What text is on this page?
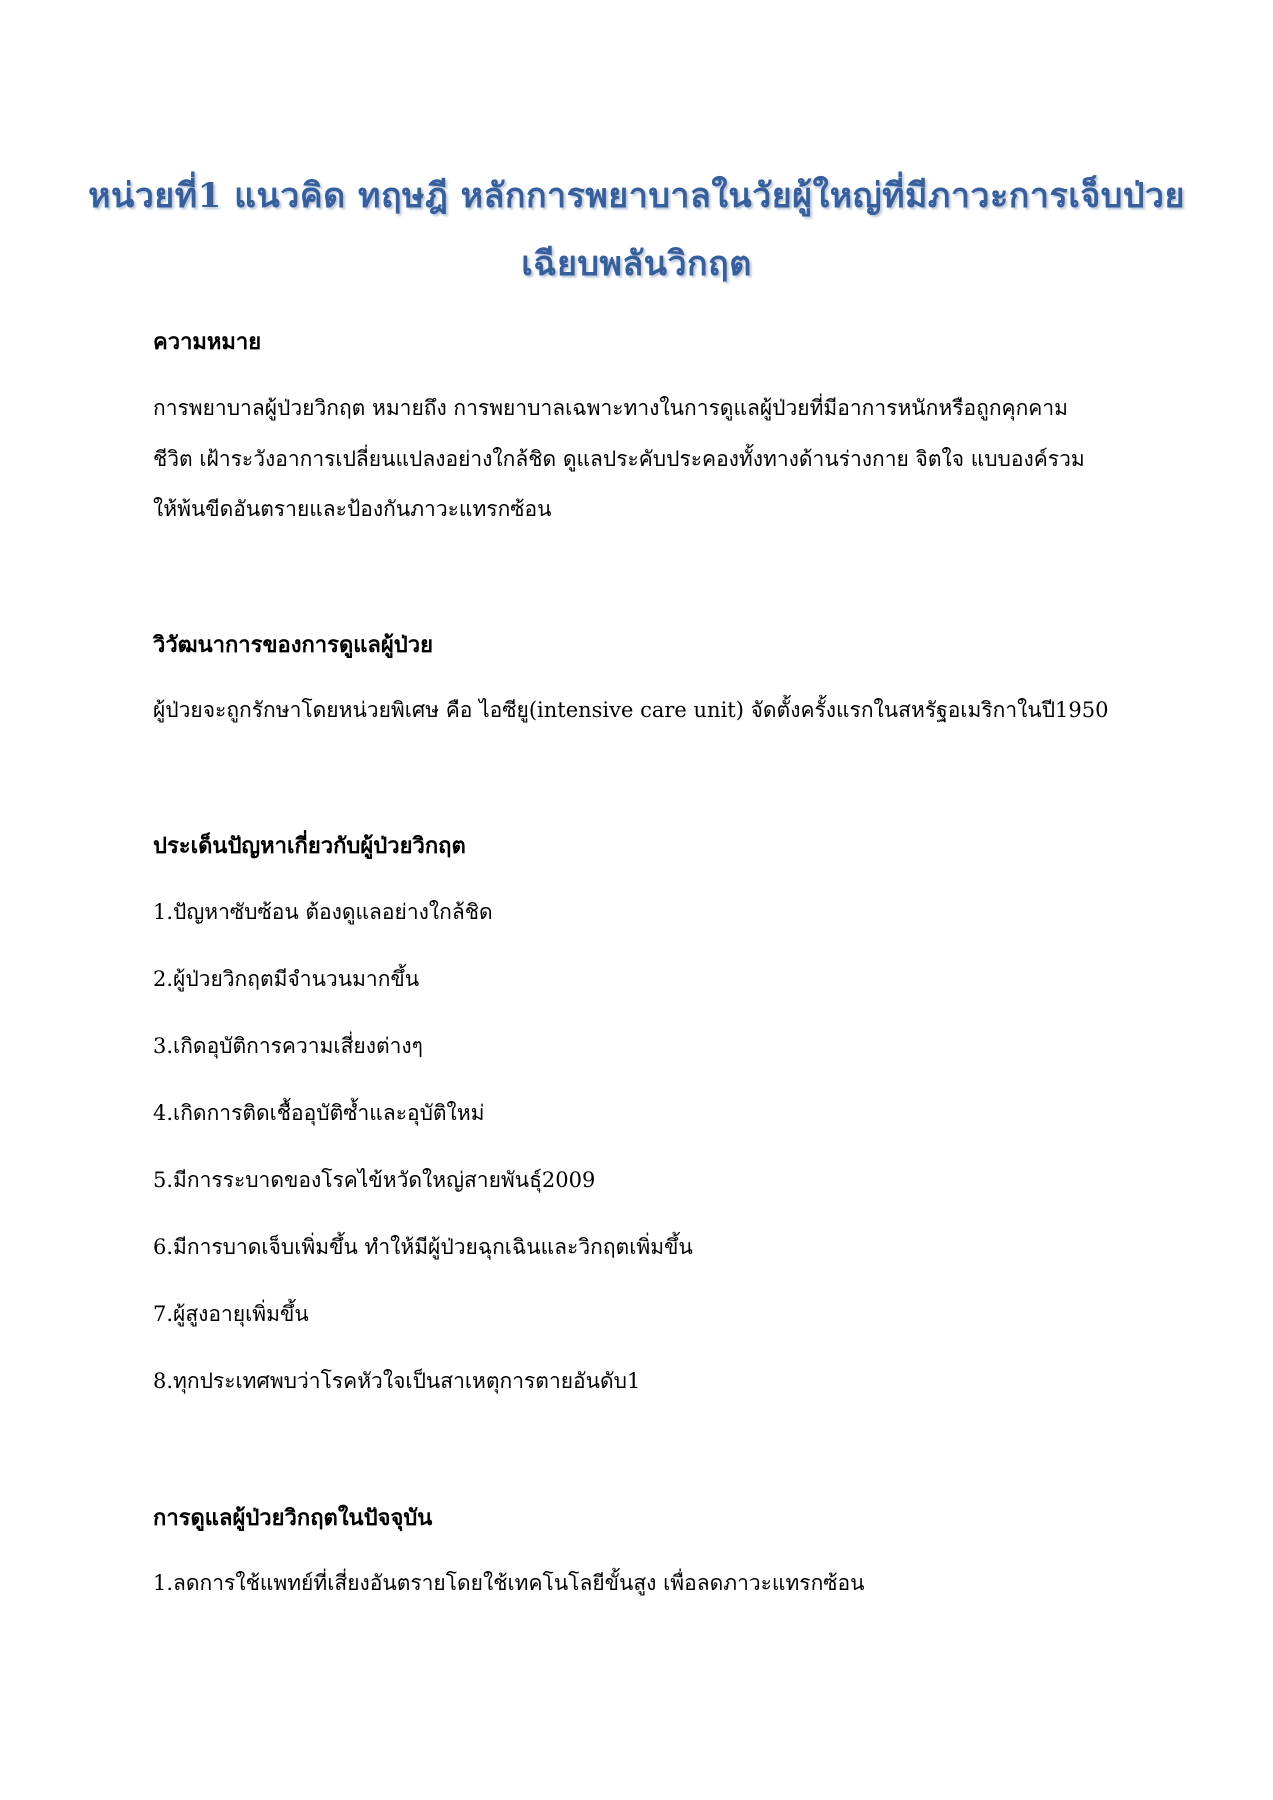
หน่วยที่1 แนวคิด ทฤษฎี หลักการพยาบาลในวัยผู้ใหญ่ที่มีภาวะการเจ็บป่วย
เฉียบพลันวิกฤต
ความหมาย
การพยาบาลผู้ป่วยวิกฤต หมายถึง การพยาบาลเฉพาะทางในการดูแลผู้ป่วยที่มีอาการหนักหรือถูกคุกคาม
ชีวิต เฝ้าระวังอาการเปลี่ยนแปลงอย่างใกล้ชิด ดูแลประคับประคองทั้งทางด้านร่างกาย จิตใจ แบบองค์รวม
ให้พ้นขีดอันตรายและป้องกันภาวะแทรกซ้อน
วิวัฒนาการของการดูแลผู้ป่วย
ผู้ป่วยจะถูกรักษาโดยหน่วยพิเศษ คือ ไอซียู(intensive care unit) จัดตั้งครั้งแรกในสหรัฐอเมริกาในปี1950
ประเด็นปัญหาเกี่ยวกับผู้ป่วยวิกฤต
1.ปัญหาซับซ้อน ต้องดูแลอย่างใกล้ชิด
2.ผู้ป่วยวิกฤตมีจำนวนมากขึ้น
3.เกิดอุบัติการความเสี่ยงต่างๆ
4.เกิดการติดเชื้ออุบัติซ้ำและอุบัติใหม่
5.มีการระบาดของโรคไข้หวัดใหญ่สายพันธุ์2009
6.มีการบาดเจ็บเพิ่มขึ้น ทำให้มีผู้ป่วยฉุกเฉินและวิกฤตเพิ่มขึ้น
7.ผู้สูงอายุเพิ่มขึ้น
8.ทุกประเทศพบว่าโรคหัวใจเป็นสาเหตุการตายอันดับ1
การดูแลผู้ป่วยวิกฤตในปัจจุบัน
1.ลดการใช้แพทย์ที่เสี่ยงอันตรายโดยใช้เทคโนโลยีขั้นสูง เพื่อลดภาวะแทรกซ้อน
